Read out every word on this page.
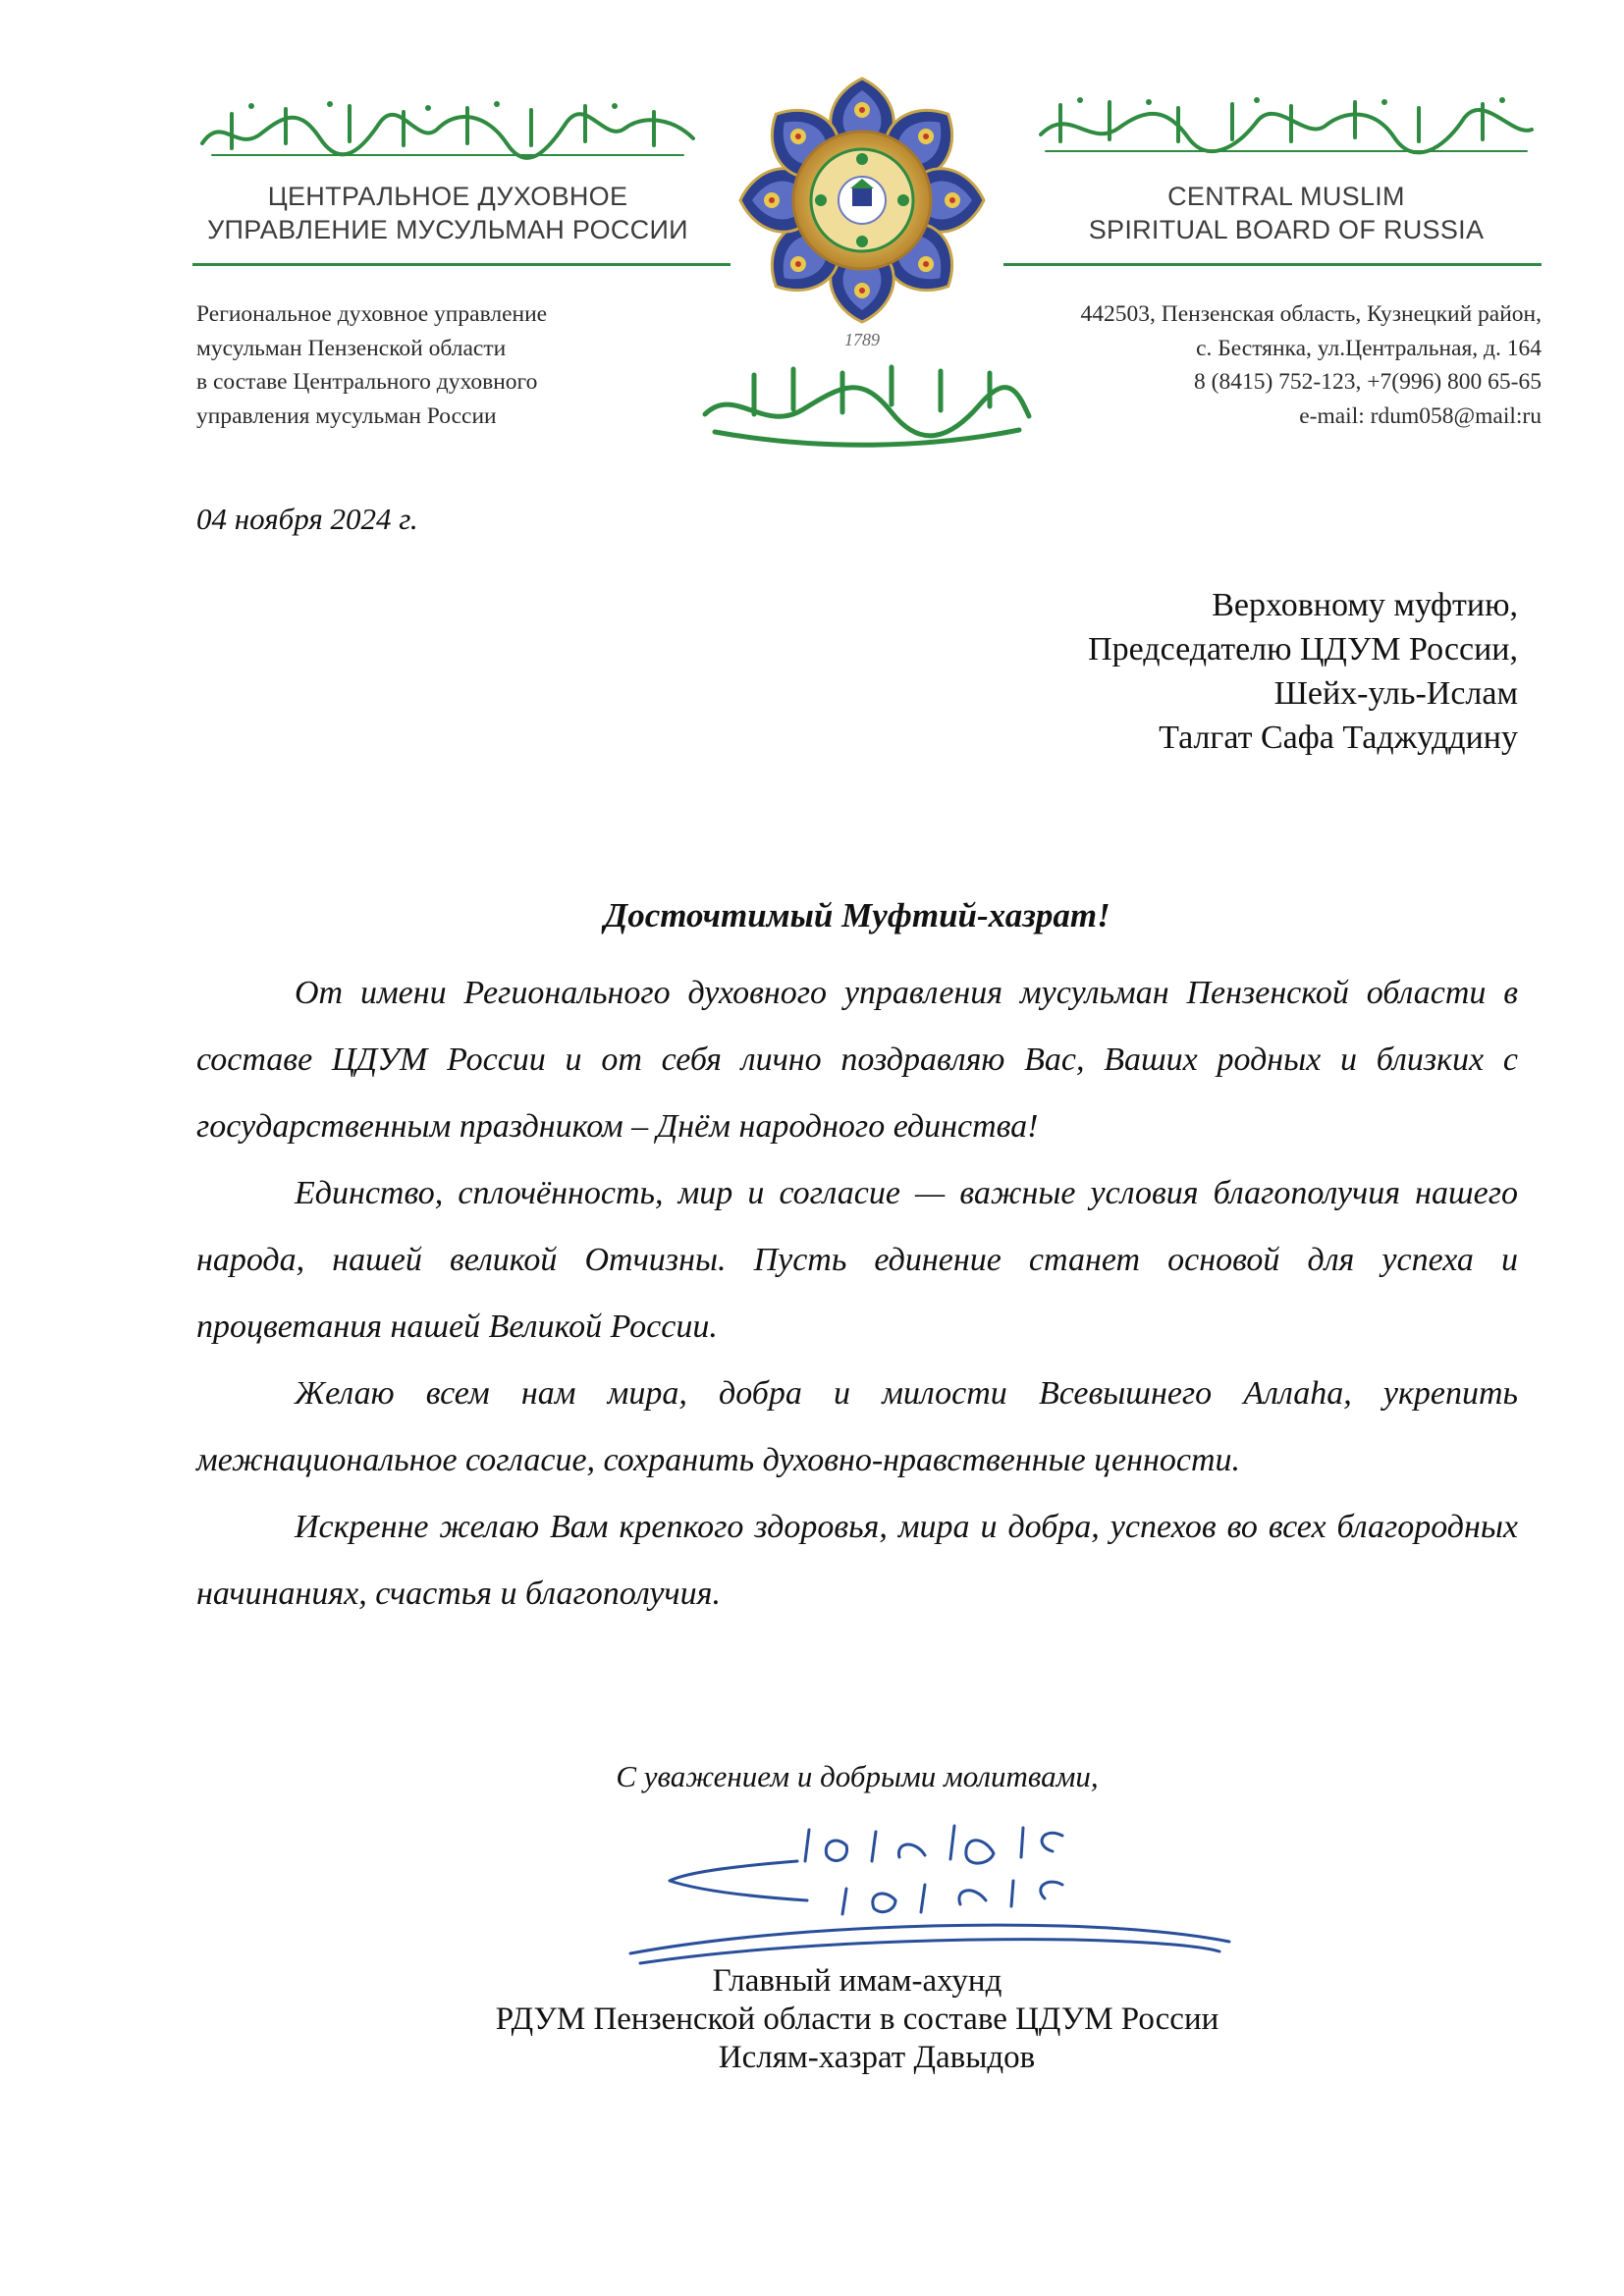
ЦЕНТРАЛЬНОЕ ДУХОВНОЕ
УПРАВЛЕНИЕ МУСУЛЬМАН РОССИИ
CENTRAL MUSLIM
SPIRITUAL BOARD OF RUSSIA
1789
Региональное духовное управление
мусульман Пензенской области
в составе Центрального духовного
управления мусульман России
442503, Пензенская область, Кузнецкий район,
с. Бестянка, ул.Центральная, д. 164
8 (8415) 752-123, +7(996) 800 65-65
e-mail: rdum058@mail:ru
04 ноября 2024 г.
Верховному муфтию,
Председателю ЦДУМ России,
Шейх-уль-Ислам
Талгат Сафа Таджуддину
Досточтимый Муфтий-хазрат!

От имени Регионального духовного управления мусульман Пензенской области в составе ЦДУМ России и от себя лично поздравляю Вас, Ваших родных и близких с государственным праздником – Днём народного единства!

Единство, сплочённость, мир и согласие — важные условия благополучия нашего народа, нашей великой Отчизны. Пусть единение станет основой для успеха и процветания нашей Великой России.

Желаю всем нам мира, добра и милости Всевышнего Аллаһа, укрепить межнациональное согласие, сохранить духовно-нравственные ценности.

Искренне желаю Вам крепкого здоровья, мира и добра, успехов во всех благородных начинаниях, счастья и благополучия.

С уважением и добрыми молитвами,
Главный имам-ахунд
РДУМ Пензенской области в составе ЦДУМ России
Ислям-хазрат Давыдов
